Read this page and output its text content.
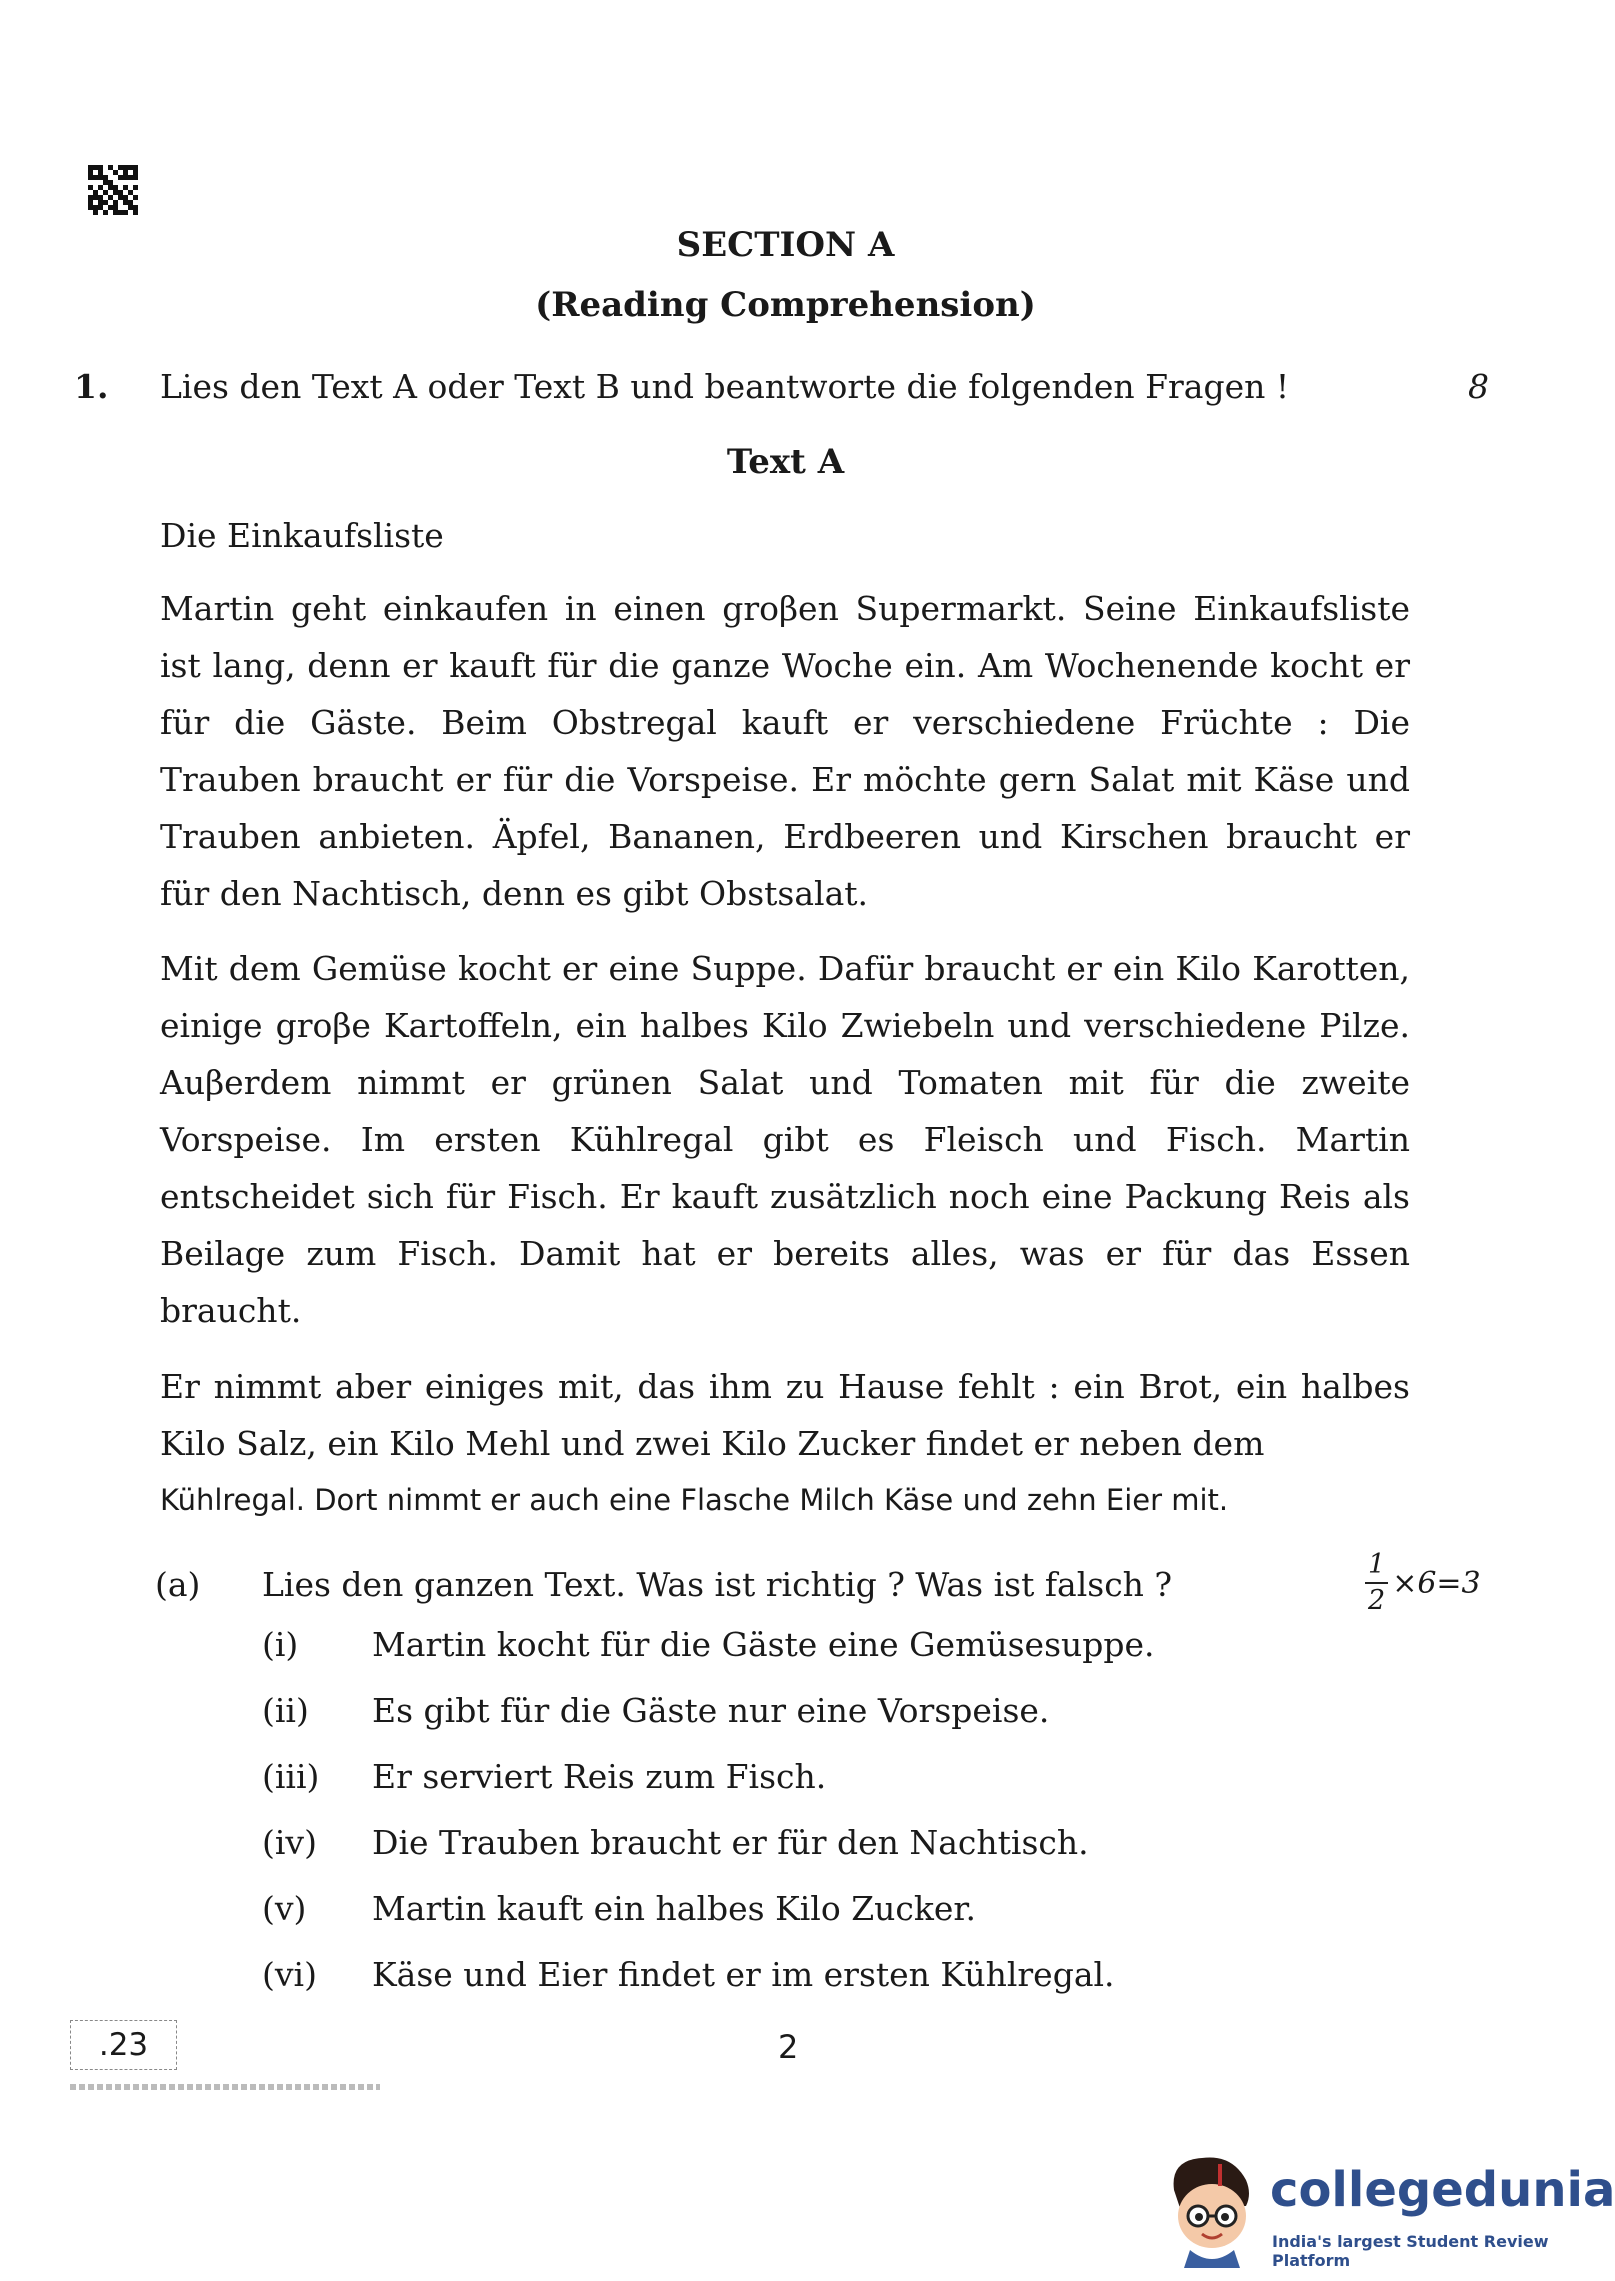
SECTION A
(Reading Comprehension)
1. Lies den Text A oder Text B und beantworte die folgenden Fragen !	8
Text A
Die Einkaufsliste

Martin geht einkaufen in einen groβen Supermarkt. Seine Einkaufsliste ist lang, denn er kauft für die ganze Woche ein. Am Wochenende kocht er für die Gäste. Beim Obstregal kauft er verschiedene Früchte : Die Trauben braucht er für die Vorspeise. Er möchte gern Salat mit Käse und Trauben anbieten. Äpfel, Bananen, Erdbeeren und Kirschen braucht er für den Nachtisch, denn es gibt Obstsalat.

Mit dem Gemüse kocht er eine Suppe. Dafür braucht er ein Kilo Karotten, einige groβe Kartoffeln, ein halbes Kilo Zwiebeln und verschiedene Pilze. Auβerdem nimmt er grünen Salat und Tomaten mit für die zweite Vorspeise. Im ersten Kühlregal gibt es Fleisch und Fisch. Martin entscheidet sich für Fisch. Er kauft zusätzlich noch eine Packung Reis als Beilage zum Fisch. Damit hat er bereits alles, was er für das Essen braucht.

Er nimmt aber einiges mit, das ihm zu Hause fehlt : ein Brot, ein halbes Kilo Salz, ein Kilo Mehl und zwei Kilo Zucker findet er neben dem

Kühlregal. Dort nimmt er auch eine Flasche Milch Käse und zehn Eier mit.
(a) Lies den ganzen Text. Was ist richtig ? Was ist falsch ?	$\frac{1}{2} \times 6=3$
(i)	Martin kocht für die Gäste eine Gemüsesuppe.
(ii)	Es gibt für die Gäste nur eine Vorspeise.
(iii)	Er serviert Reis zum Fisch.
(iv)	Die Trauben braucht er für den Nachtisch.
(v)	Martin kauft ein halbes Kilo Zucker.
(vi)	Käse und Eier findet er im ersten Kühlregal.
.23	2
collegedunia
India's largest Student Review Platform
